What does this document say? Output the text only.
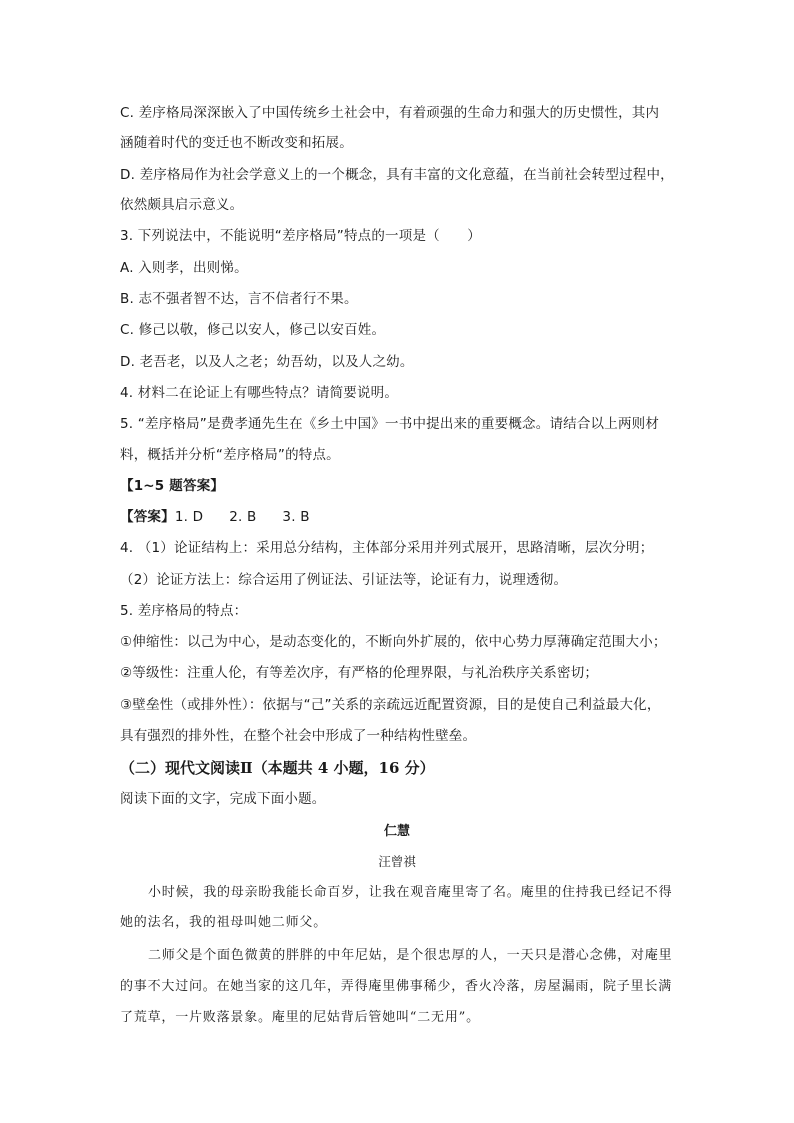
C. 差序格局深深嵌入了中国传统乡土社会中，有着顽强的生命力和强大的历史惯性，其内
涵随着时代的变迁也不断改变和拓展。
D. 差序格局作为社会学意义上的一个概念，具有丰富的文化意蕴，在当前社会转型过程中，
依然颇具启示意义。
3. 下列说法中，不能说明“差序格局”特点的一项是（　　）
A. 入则孝，出则悌。
B. 志不强者智不达，言不信者行不果。
C. 修己以敬，修己以安人，修己以安百姓。
D. 老吾老，以及人之老；幼吾幼，以及人之幼。
4. 材料二在论证上有哪些特点？请简要说明。
5. “差序格局”是费孝通先生在《乡土中国》一书中提出来的重要概念。请结合以上两则材
料，概括并分析“差序格局”的特点。
【1~5 题答案】
【答案】1. D 2. B 3. B
4. （1）论证结构上：采用总分结构，主体部分采用并列式展开，思路清晰，层次分明；
（2）论证方法上：综合运用了例证法、引证法等，论证有力，说理透彻。
5. 差序格局的特点：
①伸缩性：以己为中心，是动态变化的，不断向外扩展的，依中心势力厚薄确定范围大小；
②等级性：注重人伦，有等差次序，有严格的伦理界限，与礼治秩序关系密切；
③壁垒性（或排外性）：依据与“己”关系的亲疏远近配置资源，目的是使自己利益最大化，
具有强烈的排外性，在整个社会中形成了一种结构性壁垒。
（二）现代文阅读Ⅱ（本题共 4 小题，16 分）
阅读下面的文字，完成下面小题。
仁慧
汪曾祺
小时候，我的母亲盼我能长命百岁，让我在观音庵里寄了名。庵里的住持我已经记不得
她的法名，我的祖母叫她二师父。
二师父是个面色微黄的胖胖的中年尼姑，是个很忠厚的人，一天只是潜心念佛，对庵里
的事不大过问。在她当家的这几年，弄得庵里佛事稀少，香火冷落，房屋漏雨，院子里长满
了荒草，一片败落景象。庵里的尼姑背后管她叫“二无用”。
